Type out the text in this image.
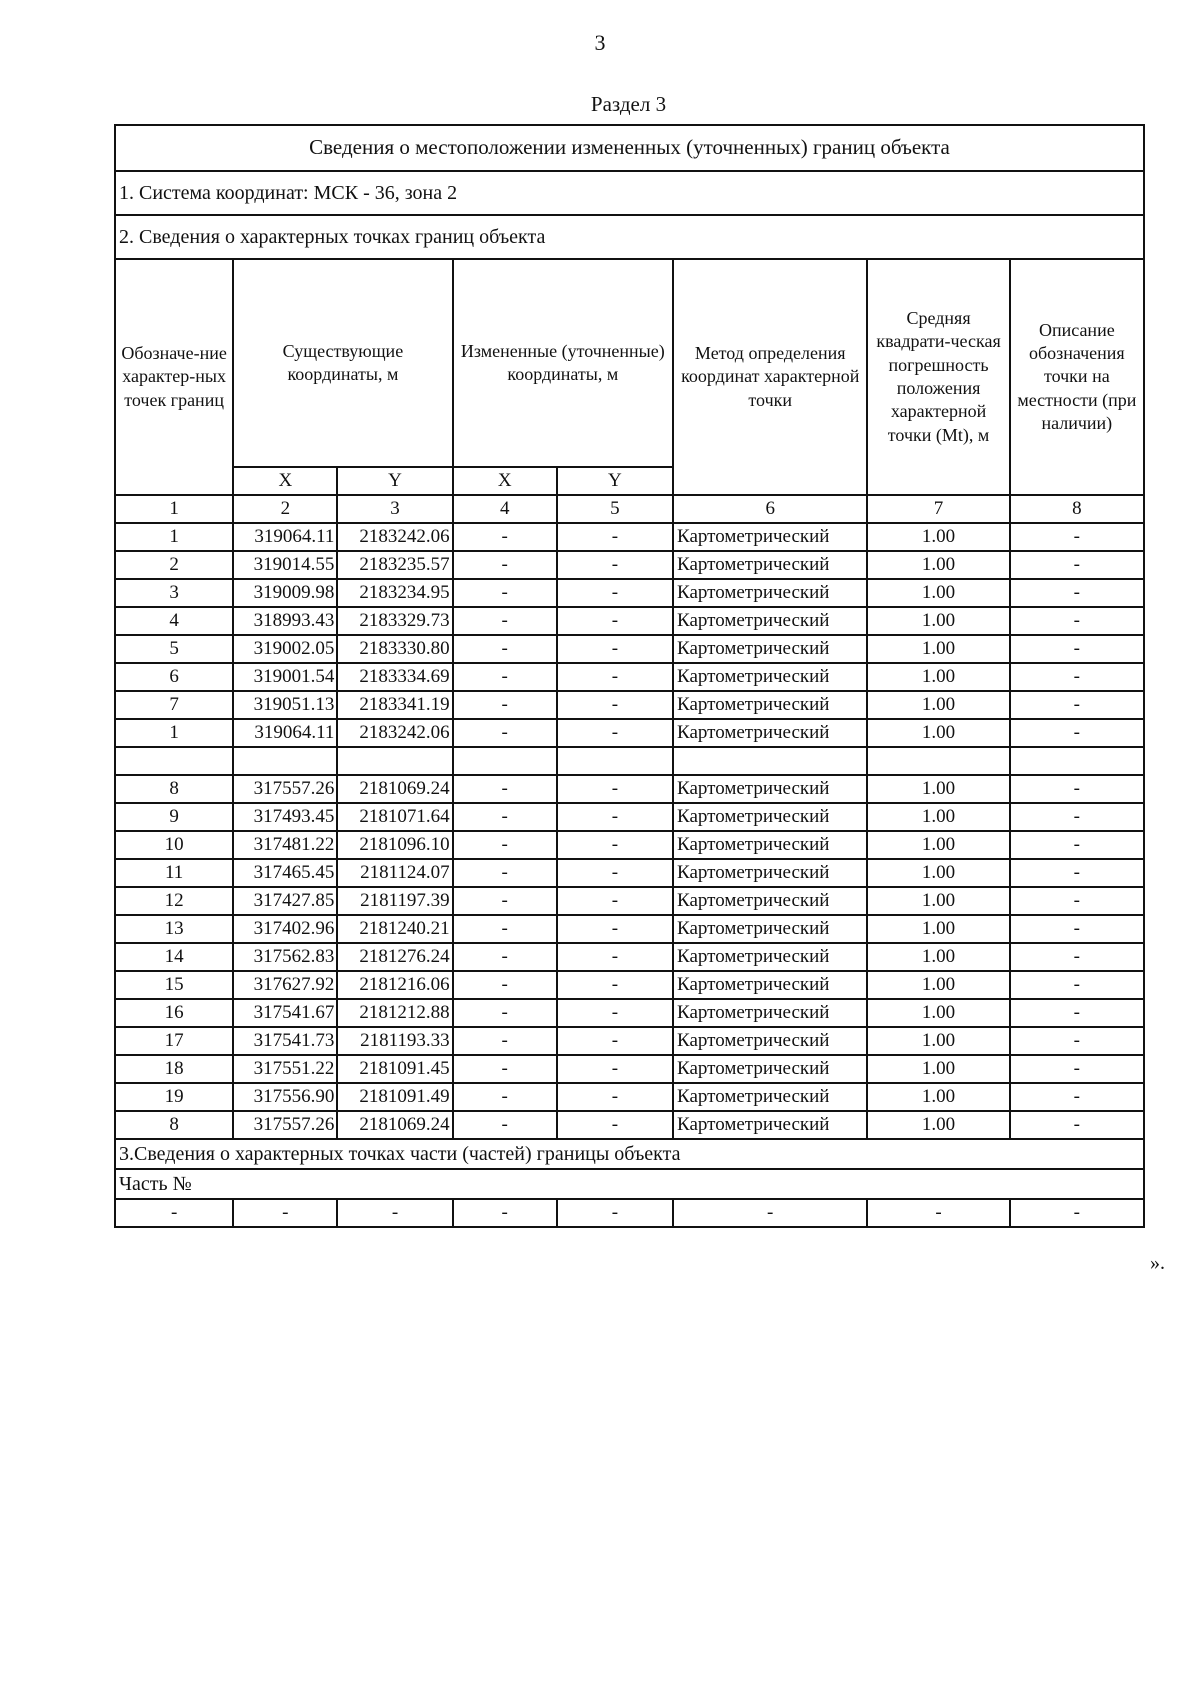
3
Раздел 3
Сведения о местоположении измененных (уточненных) границ объекта							
1. Система координат: МСК - 36, зона 2							
2. Сведения о характерных точках границ объекта							
Обозначе-ние характер-ных точек границ	Существующие координаты, м		Измененные (уточненные) координаты, м		Метод определения координат характерной точки	Средняя квадрати-ческая погрешность положения характерной точки (Mt), м	Описание обозначения точки на местности (при наличии)
	X	Y	X	Y			
1	2	3	4	5	6	7	8
1	319064.11	2183242.06	-	-	Картометрический	1.00	-
2	319014.55	2183235.57	-	-	Картометрический	1.00	-
3	319009.98	2183234.95	-	-	Картометрический	1.00	-
4	318993.43	2183329.73	-	-	Картометрический	1.00	-
5	319002.05	2183330.80	-	-	Картометрический	1.00	-
6	319001.54	2183334.69	-	-	Картометрический	1.00	-
7	319051.13	2183341.19	-	-	Картометрический	1.00	-
1	319064.11	2183242.06	-	-	Картометрический	1.00	-

8	317557.26	2181069.24	-	-	Картометрический	1.00	-
9	317493.45	2181071.64	-	-	Картометрический	1.00	-
10	317481.22	2181096.10	-	-	Картометрический	1.00	-
11	317465.45	2181124.07	-	-	Картометрический	1.00	-
12	317427.85	2181197.39	-	-	Картометрический	1.00	-
13	317402.96	2181240.21	-	-	Картометрический	1.00	-
14	317562.83	2181276.24	-	-	Картометрический	1.00	-
15	317627.92	2181216.06	-	-	Картометрический	1.00	-
16	317541.67	2181212.88	-	-	Картометрический	1.00	-
17	317541.73	2181193.33	-	-	Картометрический	1.00	-
18	317551.22	2181091.45	-	-	Картометрический	1.00	-
19	317556.90	2181091.49	-	-	Картометрический	1.00	-
8	317557.26	2181069.24	-	-	Картометрический	1.00	-
3.Сведения о характерных точках части (частей) границы объекта							
Часть №							
-	-	-	-	-	-	-	-
».
